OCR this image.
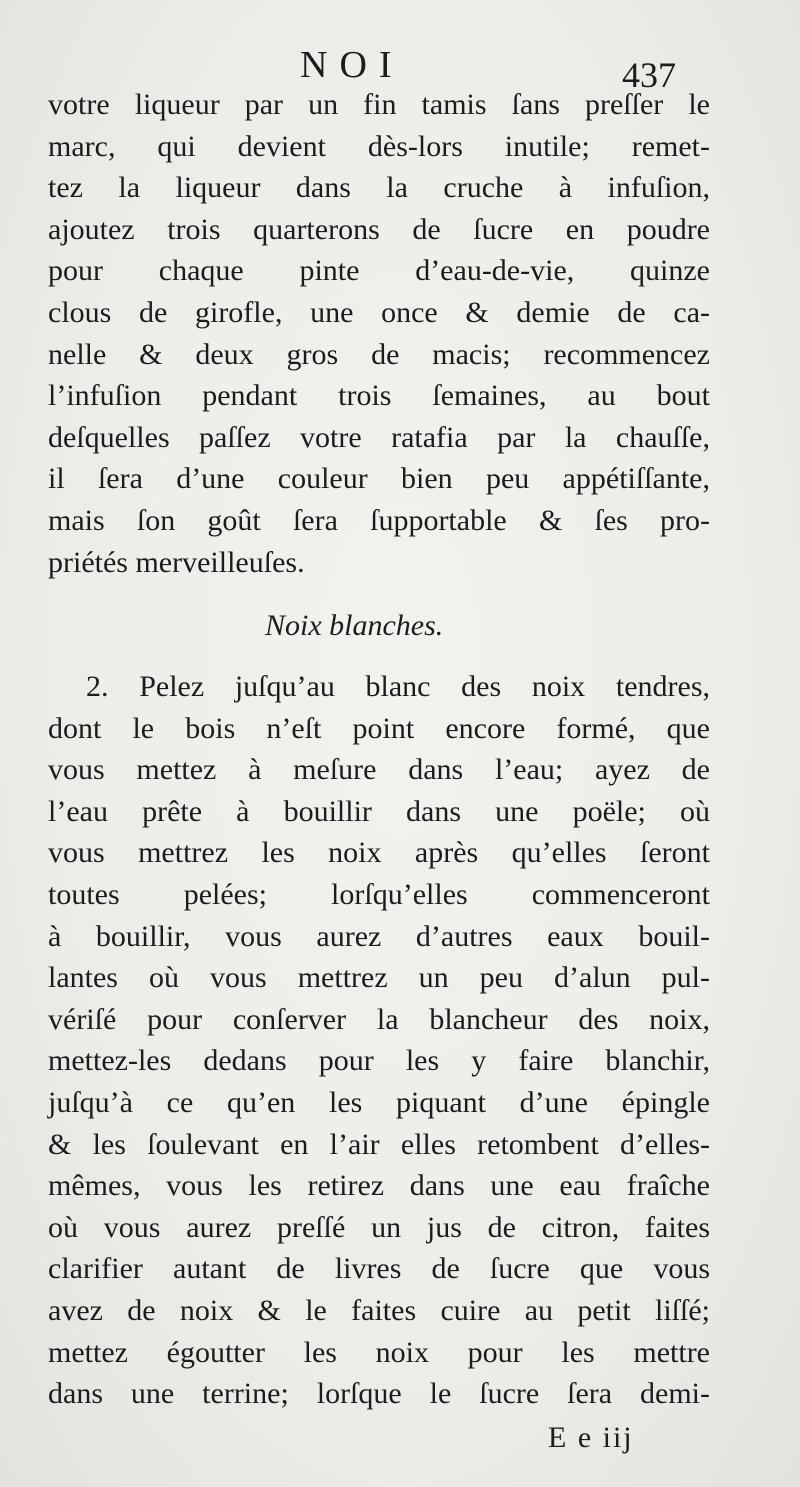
NOI	437
votre liqueur par un fin tamis ſans preſſer le
marc, qui devient dès-lors inutile; remet-
tez la liqueur dans la cruche à infuſion,
ajoutez trois quarterons de ſucre en poudre
pour chaque pinte d’eau-de-vie, quinze
clous de girofle, une once & demie de ca-
nelle & deux gros de macis; recommencez
l’infuſion pendant trois ſemaines, au bout
deſquelles paſſez votre ratafia par la chauſſe,
il ſera d’une couleur bien peu appétiſſante,
mais ſon goût ſera ſupportable & ſes pro-
priétés merveilleuſes.
Noix blanches.
2. Pelez juſqu’au blanc des noix tendres,
dont le bois n’eſt point encore formé, que
vous mettez à meſure dans l’eau; ayez de
l’eau prête à bouillir dans une poële; où
vous mettrez les noix après qu’elles ſeront
toutes pelées; lorſqu’elles commenceront
à bouillir, vous aurez d’autres eaux bouil-
lantes où vous mettrez un peu d’alun pul-
vériſé pour conſerver la blancheur des noix,
mettez-les dedans pour les y faire blanchir,
juſqu’à ce qu’en les piquant d’une épingle
& les ſoulevant en l’air elles retombent d’elles-
mêmes, vous les retirez dans une eau fraîche
où vous aurez preſſé un jus de citron, faites
clarifier autant de livres de ſucre que vous
avez de noix & le faites cuire au petit liſſé;
mettez égoutter les noix pour les mettre
dans une terrine; lorſque le ſucre ſera demi-
E e iij
